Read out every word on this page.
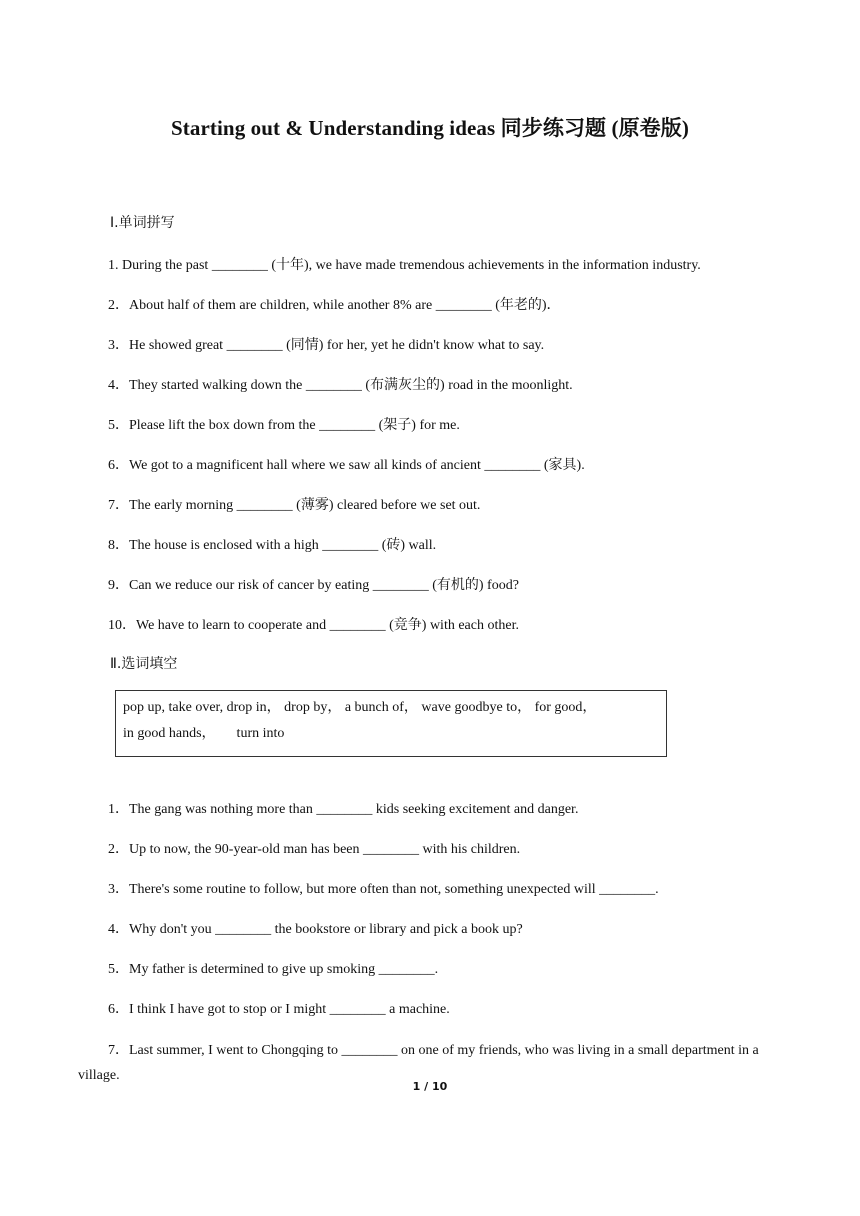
Starting out & Understanding ideas 同步练习题 (原卷版)
Ⅰ.单词拼写
1. During the past ________ (十年), we have made tremendous achievements in the information industry.
2．About half of them are children, while another 8% are ________ (年老的)．
3．He showed great ________ (同情) for her, yet he didn't know what to say.
4．They started walking down the ________ (布满灰尘的) road in the moonlight.
5．Please lift the box down from the ________ (架子) for me.
6．We got to a magnificent hall where we saw all kinds of ancient ________ (家具).
7．The early morning ________ (薄雾) cleared before we set out.
8．The house is enclosed with a high ________ (砖) wall.
9．Can we reduce our risk of cancer by eating ________ (有机的) food?
10．We have to learn to cooperate and ________ (竞争) with each other.
Ⅱ.选词填空
pop up, take over, drop in， drop by， a bunch of， wave goodbye to， for good，
in good hands，      turn into
1．The gang was nothing more than ________ kids seeking excitement and danger.
2．Up to now, the 90-year-old man has been ________ with his children.
3．There's some routine to follow, but more often than not, something unexpected will ________.
4．Why don't you ________ the bookstore or library and pick a book up?
5．My father is determined to give up smoking ________.
6．I think I have got to stop or I might ________ a machine.
7．Last summer, I went to Chongqing to ________ on one of my friends, who was living in a small department in a village.
1 / 10
